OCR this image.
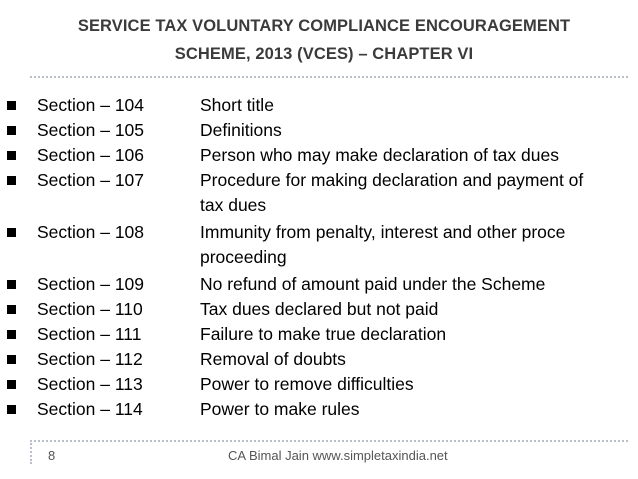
SERVICE TAX VOLUNTARY COMPLIANCE ENCOURAGEMENT
SCHEME, 2013 (VCES) – CHAPTER VI
Section – 104	Short title
Section – 105	Definitions
Section – 106	Person who may make declaration of tax dues
Section – 107	Procedure for making declaration and payment of
tax dues
Section – 108	Immunity from penalty, interest and other proce
proceeding
Section – 109	No refund of amount paid under the Scheme
Section – 110	Tax dues declared but not paid
Section – 111	Failure to make true declaration
Section – 112	Removal of doubts
Section – 113	Power to remove difficulties
Section – 114	Power to make rules
8	CA Bimal Jain www.simpletaxindia.net
